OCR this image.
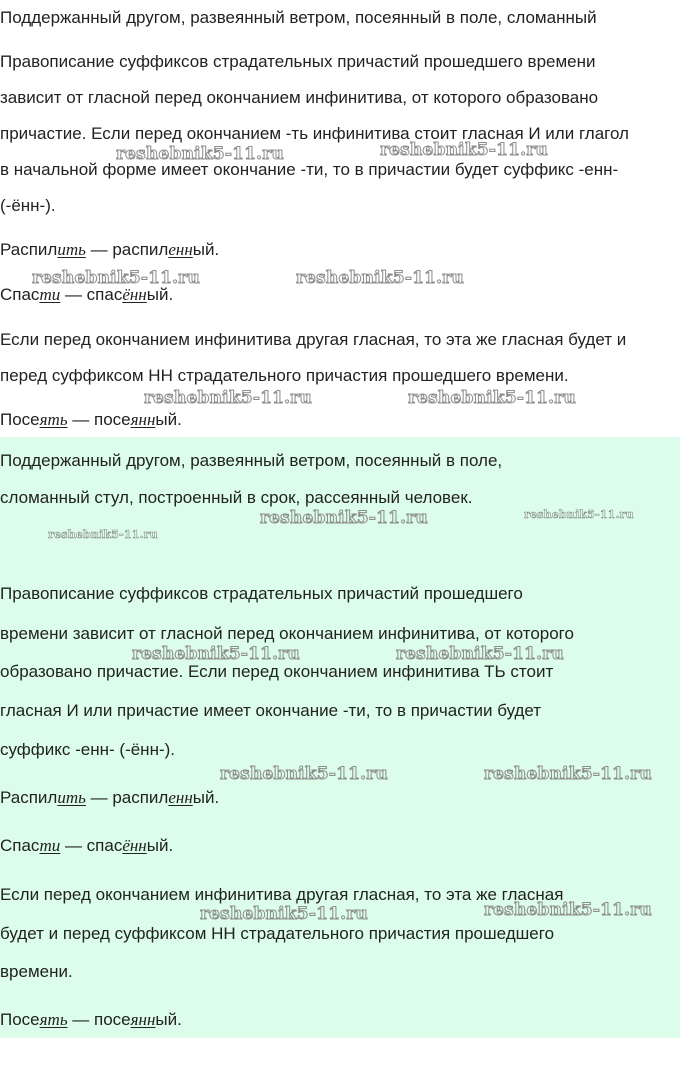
Поддержанный другом, развеянный ветром, посеянный в поле, сломанный

Правописание суффиксов страдательных причастий прошедшего времени

зависит от гласной перед окончанием инфинитива, от которого образовано

причастие. Если перед окончанием -ть инфинитива стоит гласная И или глагол

в начальной форме имеет окончание -ти, то в причастии будет суффикс -енн-

(-ённ-).

Распилить — распиленный.

Спасти — спасённый.

Если перед окончанием инфинитива другая гласная, то эта же гласная будет и

перед суффиксом НН страдательного причастия прошедшего времени.

Посеять — посеянный.

reshebnik5-11.ru	reshebnik5-11.ru
reshebnik5-11.ru	reshebnik5-11.ru
reshebnik5-11.ru	reshebnik5-11.ru

Поддержанный другом, развеянный ветром, посеянный в поле,

сломанный стул, построенный в срок, рассеянный человек.

Правописание суффиксов страдательных причастий прошедшего

времени зависит от гласной перед окончанием инфинитива, от которого

образовано причастие. Если перед окончанием инфинитива ТЬ стоит

гласная И или причастие имеет окончание -ти, то в причастии будет

суффикс -енн- (-ённ-).

Распилить — распиленный.

Спасти — спасённый.

Если перед окончанием инфинитива другая гласная, то эта же гласная

будет и перед суффиксом НН страдательного причастия прошедшего

времени.

Посеять — посеянный.

reshebnik5-11.ru	reshebnik5-11.ru
reshebnik5-11.ru
reshebnik5-11.ru	reshebnik5-11.ru
reshebnik5-11.ru	reshebnik5-11.ru
reshebnik5-11.ru	reshebnik5-11.ru
